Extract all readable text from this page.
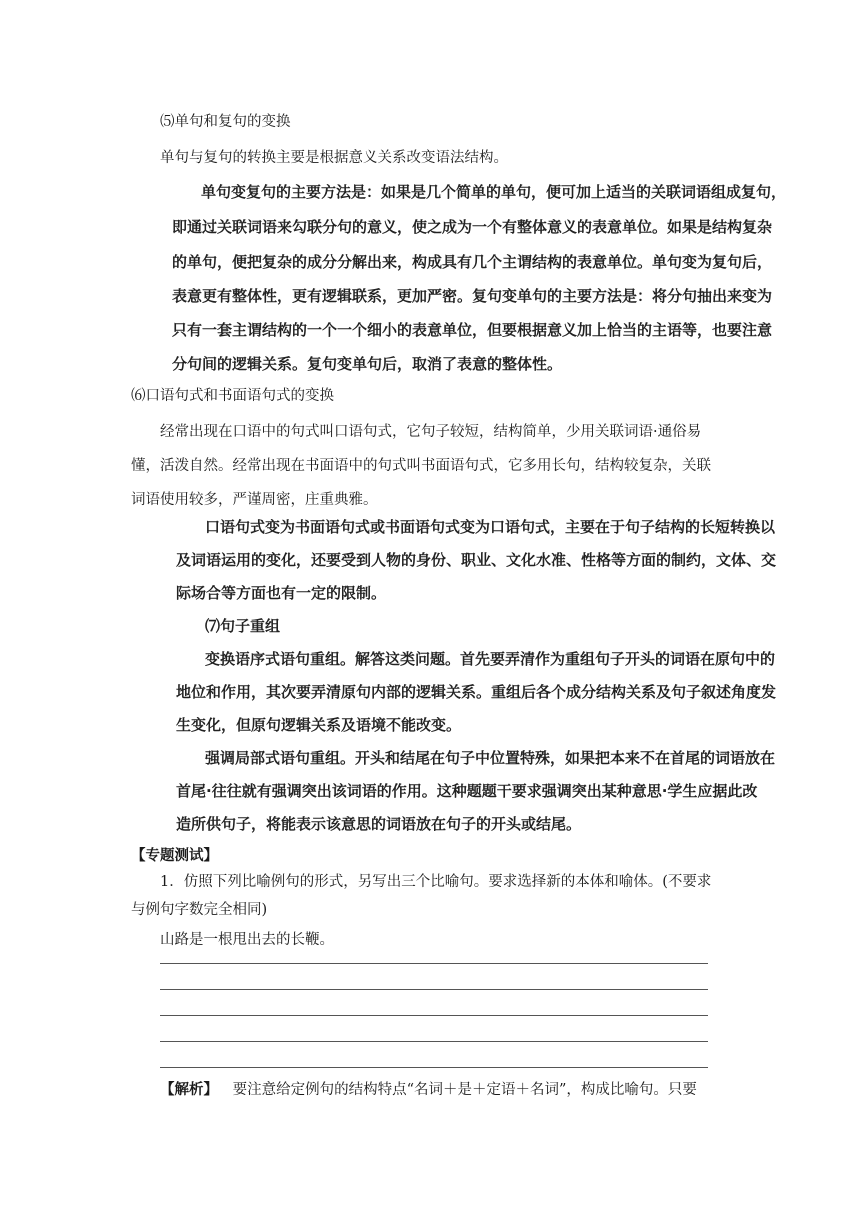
⑸单句和复句的变换

单句与复句的转换主要是根据意义关系改变语法结构。

单句变复句的主要方法是：如果是几个简单的单句，便可加上适当的关联词语组成复句，

即通过关联词语来勾联分句的意义，使之成为一个有整体意义的表意单位。如果是结构复杂

的单句，便把复杂的成分分解出来，构成具有几个主谓结构的表意单位。单句变为复句后，

表意更有整体性，更有逻辑联系，更加严密。复句变单句的主要方法是：将分句抽出来变为

只有一套主谓结构的一个一个细小的表意单位，但要根据意义加上恰当的主语等，也要注意

分句间的逻辑关系。复句变单句后，取消了表意的整体性。

⑹口语句式和书面语句式的变换

经常出现在口语中的句式叫口语句式，它句子较短，结构简单，少用关联词语·通俗易

懂，活泼自然。经常出现在书面语中的句式叫书面语句式，它多用长句，结构较复杂，关联

词语使用较多，严谨周密，庄重典雅。

口语句式变为书面语句式或书面语句式变为口语句式，主要在于句子结构的长短转换以

及词语运用的变化，还要受到人物的身份、职业、文化水准、性格等方面的制约，文体、交

际场合等方面也有一定的限制。

⑺句子重组

变换语序式语句重组。解答这类问题。首先要弄清作为重组句子开头的词语在原句中的

地位和作用，其次要弄清原句内部的逻辑关系。重组后各个成分结构关系及句子叙述角度发

生变化，但原句逻辑关系及语境不能改变。

强调局部式语句重组。开头和结尾在句子中位置特殊，如果把本来不在首尾的词语放在

首尾·往往就有强调突出该词语的作用。这种题题干要求强调突出某种意思·学生应据此改

造所供句子，将能表示该意思的词语放在句子的开头或结尾。

【专题测试】

1．仿照下列比喻例句的形式，另写出三个比喻句。要求选择新的本体和喻体。(不要求

与例句字数完全相同)

山路是一根甩出去的长鞭。

【解析】 要注意给定例句的结构特点“名词＋是＋定语＋名词”，构成比喻句。只要
